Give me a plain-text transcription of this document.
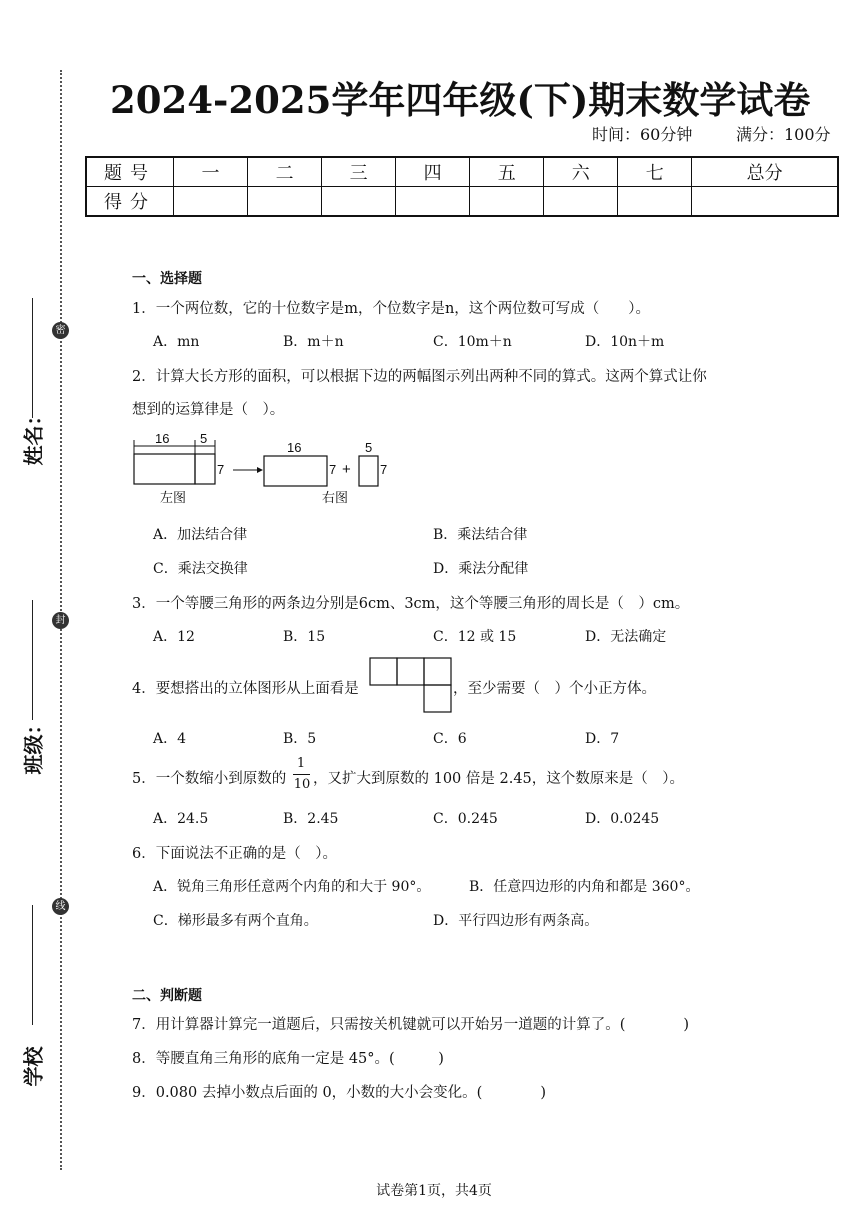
密
封
线
姓名：
班级：
学校
2024-2025学年四年级(下)期末数学试卷
时间：60分钟	满分：100分
题号	一	二	三	四	五	六	七	总分
得分								
一、选择题
1．一个两位数，它的十位数字是m，个位数字是n，这个两位数可写成（　　）。
A．mn	B．m＋n	C．10m＋n	D．10n＋m
2．计算大长方形的面积，可以根据下边的两幅图示列出两种不同的算式。这两个算式让你
想到的运算律是（　）。
16 5
7
左图
16
7 +
5
7
右图
A．加法结合律	B．乘法结合律
C．乘法交换律	D．乘法分配律
3．一个等腰三角形的两条边分别是6cm、3cm，这个等腰三角形的周长是（　）cm。
A．12	B．15	C．12 或 15	D．无法确定
4．要想搭出的立体图形从上面看是	，至少需要（　）个小正方体。
A．4	B．5	C．6	D．7
5．一个数缩小到原数的
1
10 ，又扩大到原数的 100 倍是 2.45，这个数原来是（　）。
A．24.5	B．2.45	C．0.245	D．0.0245
6．下面说法不正确的是（　）。
A．锐角三角形任意两个内角的和大于 90°。	B．任意四边形的内角和都是 360°。
C．梯形最多有两个直角。	D．平行四边形有两条高。
二、判断题
7．用计算器计算完一道题后，只需按关机键就可以开始另一道题的计算了。(　　　　)
8．等腰直角三角形的底角一定是 45°。(　　　)
9．0.080 去掉小数点后面的 0，小数的大小会变化。(　　　　)
试卷第1页，共4页
